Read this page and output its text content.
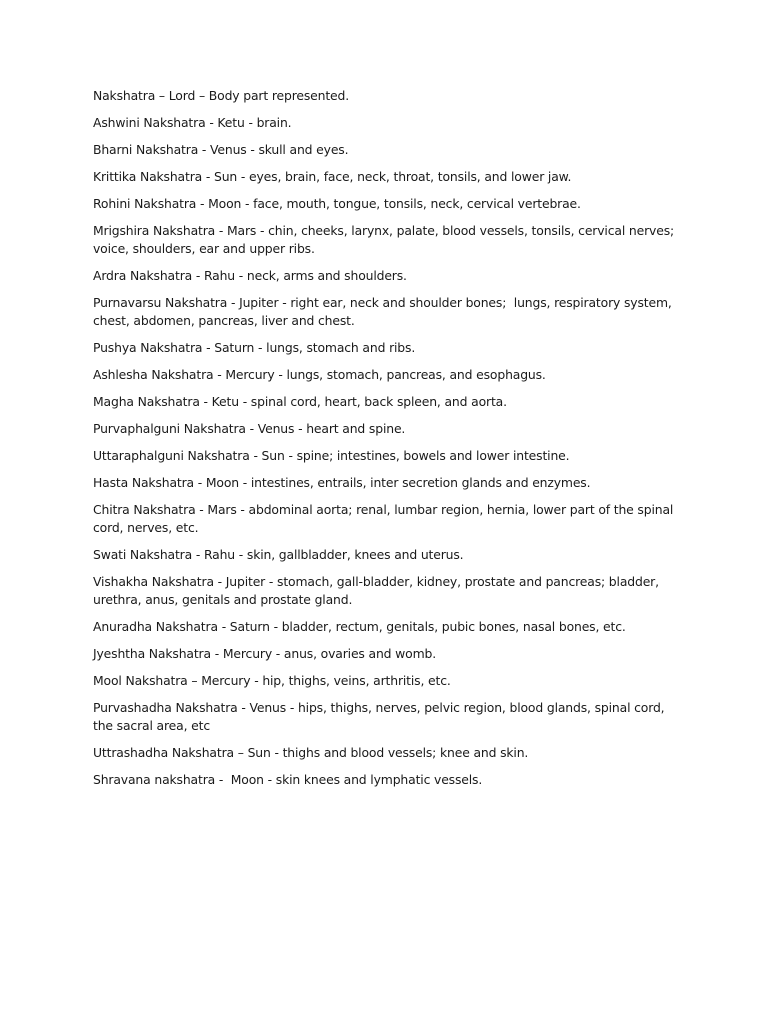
Nakshatra – Lord – Body part represented.

Ashwini Nakshatra - Ketu - brain.

Bharni Nakshatra - Venus - skull and eyes.

Krittika Nakshatra - Sun - eyes, brain, face, neck, throat, tonsils, and lower jaw.

Rohini Nakshatra - Moon - face, mouth, tongue, tonsils, neck, cervical vertebrae.

Mrigshira Nakshatra - Mars - chin, cheeks, larynx, palate, blood vessels, tonsils, cervical nerves; voice, shoulders, ear and upper ribs.

Ardra Nakshatra - Rahu - neck, arms and shoulders.

Purnavarsu Nakshatra - Jupiter - right ear, neck and shoulder bones;  lungs, respiratory system, chest, abdomen, pancreas, liver and chest.

Pushya Nakshatra - Saturn - lungs, stomach and ribs.

Ashlesha Nakshatra - Mercury - lungs, stomach, pancreas, and esophagus.

Magha Nakshatra - Ketu - spinal cord, heart, back spleen, and aorta.

Purvaphalguni Nakshatra - Venus - heart and spine.

Uttaraphalguni Nakshatra - Sun - spine; intestines, bowels and lower intestine.

Hasta Nakshatra - Moon - intestines, entrails, inter secretion glands and enzymes.

Chitra Nakshatra - Mars - abdominal aorta; renal, lumbar region, hernia, lower part of the spinal cord, nerves, etc.

Swati Nakshatra - Rahu - skin, gallbladder, knees and uterus.

Vishakha Nakshatra - Jupiter - stomach, gall-bladder, kidney, prostate and pancreas; bladder, urethra, anus, genitals and prostate gland.

Anuradha Nakshatra - Saturn - bladder, rectum, genitals, pubic bones, nasal bones, etc.

Jyeshtha Nakshatra - Mercury - anus, ovaries and womb.

Mool Nakshatra – Mercury - hip, thighs, veins, arthritis, etc.

Purvashadha Nakshatra - Venus - hips, thighs, nerves, pelvic region, blood glands, spinal cord, the sacral area, etc

Uttrashadha Nakshatra – Sun - thighs and blood vessels; knee and skin.

Shravana nakshatra -  Moon - skin knees and lymphatic vessels.
